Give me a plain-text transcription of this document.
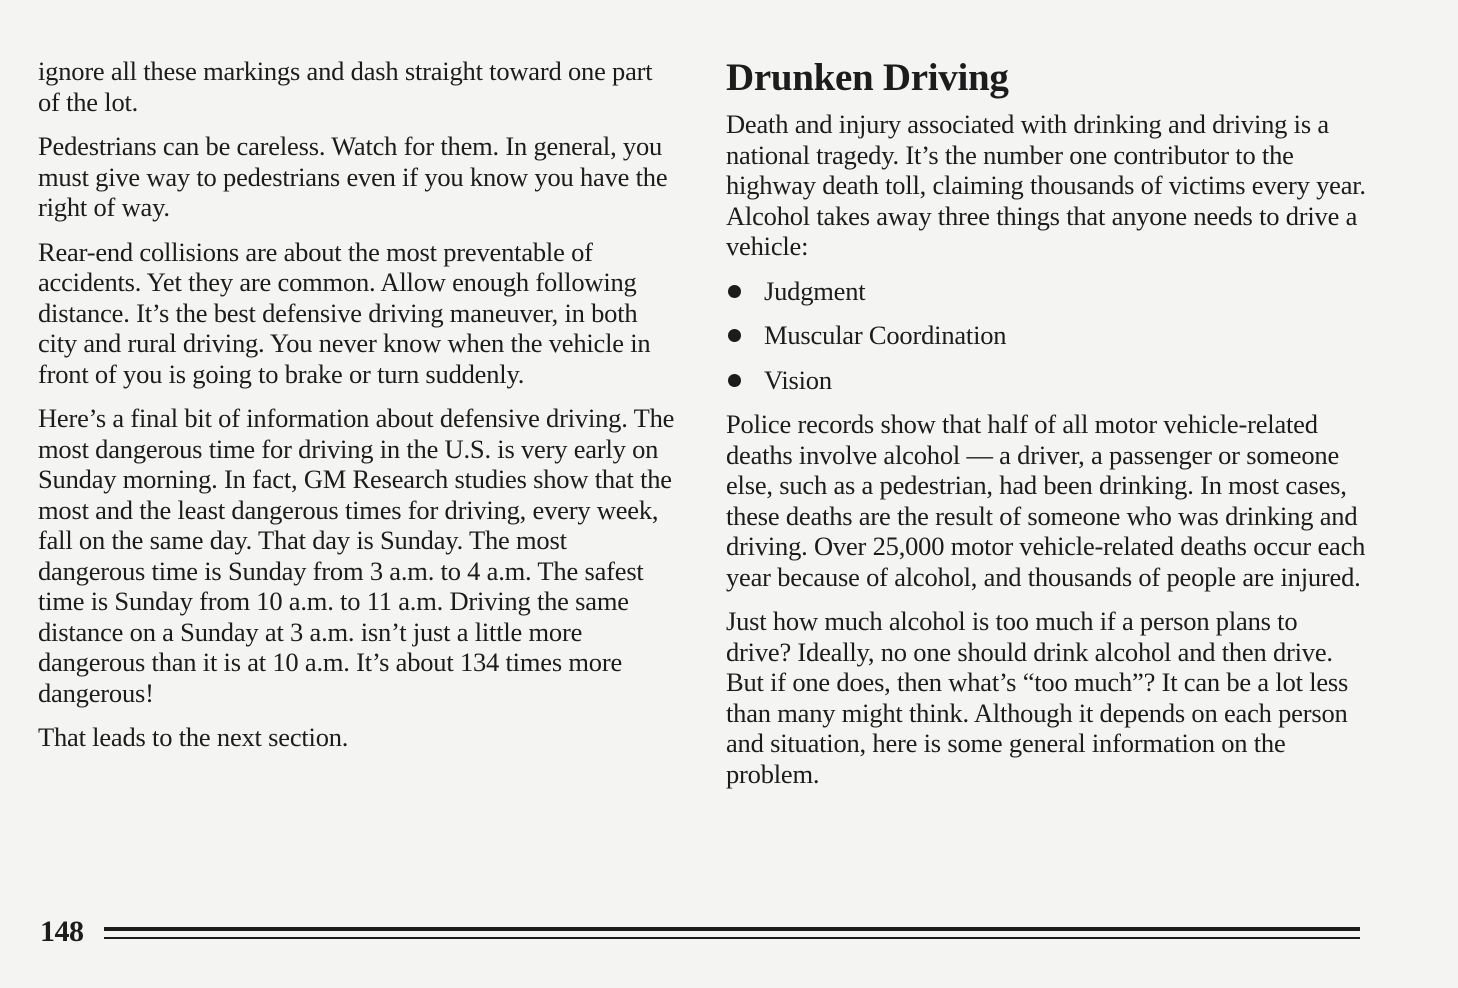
ignore all these markings and dash straight toward one part of the lot.

Pedestrians can be careless. Watch for them. In general, you must give way to pedestrians even if you know you have the right of way.

Rear-end collisions are about the most preventable of accidents. Yet they are common. Allow enough following distance. It’s the best defensive driving maneuver, in both city and rural driving. You never know when the vehicle in front of you is going to brake or turn suddenly.

Here’s a final bit of information about defensive driving. The most dangerous time for driving in the U.S. is very early on Sunday morning. In fact, GM Research studies show that the most and the least dangerous times for driving, every week, fall on the same day. That day is Sunday. The most dangerous time is Sunday from 3 a.m. to 4 a.m. The safest time is Sunday from 10 a.m. to 11 a.m. Driving the same distance on a Sunday at 3 a.m. isn’t just a little more dangerous than it is at 10 a.m. It’s about 134 times more dangerous!

That leads to the next section.

Drunken Driving

Death and injury associated with drinking and driving is a national tragedy. It’s the number one contributor to the highway death toll, claiming thousands of victims every year. Alcohol takes away three things that anyone needs to drive a vehicle:

Judgment
Muscular Coordination
Vision

Police records show that half of all motor vehicle-related deaths involve alcohol — a driver, a passenger or someone else, such as a pedestrian, had been drinking. In most cases, these deaths are the result of someone who was drinking and driving. Over 25,000 motor vehicle-related deaths occur each year because of alcohol, and thousands of people are injured.

Just how much alcohol is too much if a person plans to drive? Ideally, no one should drink alcohol and then drive. But if one does, then what’s “too much”? It can be a lot less than many might think. Although it depends on each person and situation, here is some general information on the problem.

148
